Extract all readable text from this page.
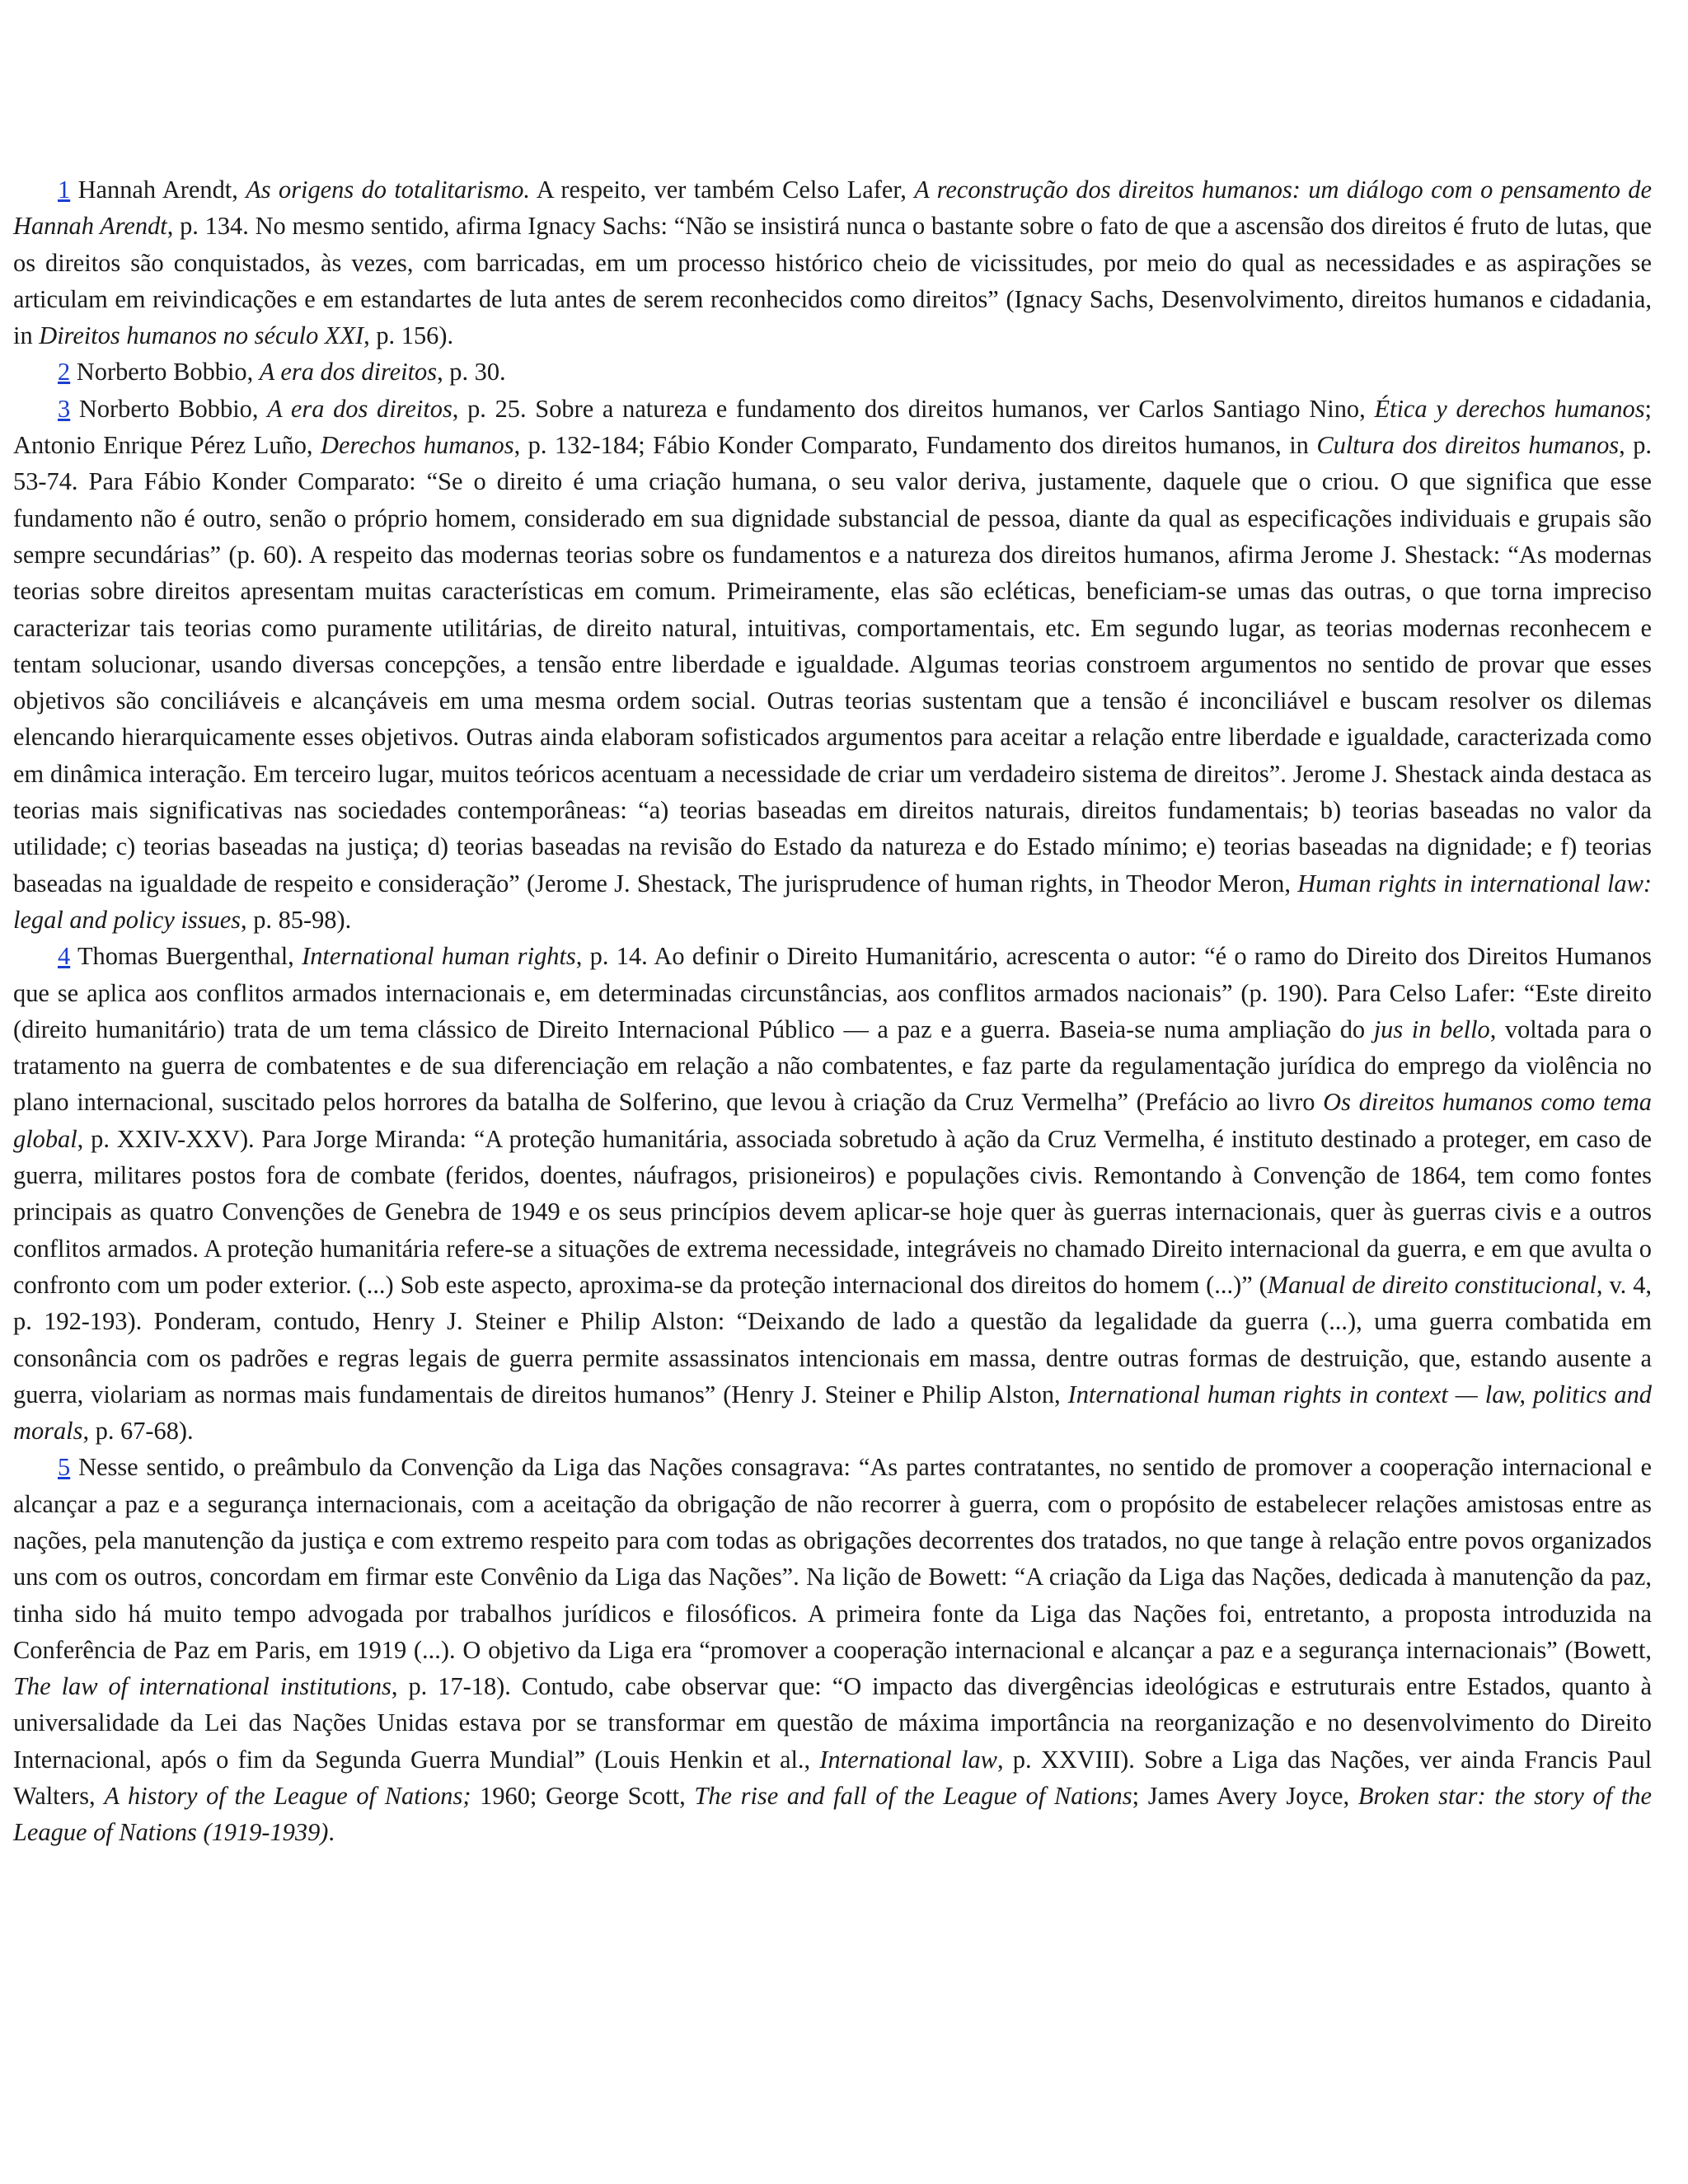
1 Hannah Arendt, As origens do totalitarismo. A respeito, ver também Celso Lafer, A reconstrução dos direitos humanos: um diálogo com o pensamento de Hannah Arendt, p. 134. No mesmo sentido, afirma Ignacy Sachs: “Não se insistirá nunca o bastante sobre o fato de que a ascensão dos direitos é fruto de lutas, que os direitos são conquistados, às vezes, com barricadas, em um processo histórico cheio de vicissitudes, por meio do qual as necessidades e as aspirações se articulam em reivindicações e em estandartes de luta antes de serem reconhecidos como direitos” (Ignacy Sachs, Desenvolvimento, direitos humanos e cidadania, in Direitos humanos no século XXI, p. 156).

2 Norberto Bobbio, A era dos direitos, p. 30.

3 Norberto Bobbio, A era dos direitos, p. 25. Sobre a natureza e fundamento dos direitos humanos, ver Carlos Santiago Nino, Ética y derechos humanos; Antonio Enrique Pérez Luño, Derechos humanos, p. 132-184; Fábio Konder Comparato, Fundamento dos direitos humanos, in Cultura dos direitos humanos, p. 53-74. Para Fábio Konder Comparato: “Se o direito é uma criação humana, o seu valor deriva, justamente, daquele que o criou. O que significa que esse fundamento não é outro, senão o próprio homem, considerado em sua dignidade substancial de pessoa, diante da qual as especificações individuais e grupais são sempre secundárias” (p. 60). A respeito das modernas teorias sobre os fundamentos e a natureza dos direitos humanos, afirma Jerome J. Shestack: “As modernas teorias sobre direitos apresentam muitas características em comum. Primeiramente, elas são ecléticas, beneficiam-se umas das outras, o que torna impreciso caracterizar tais teorias como puramente utilitárias, de direito natural, intuitivas, comportamentais, etc. Em segundo lugar, as teorias modernas reconhecem e tentam solucionar, usando diversas concepções, a tensão entre liberdade e igualdade. Algumas teorias constroem argumentos no sentido de provar que esses objetivos são conciliáveis e alcançáveis em uma mesma ordem social. Outras teorias sustentam que a tensão é inconciliável e buscam resolver os dilemas elencando hierarquicamente esses objetivos. Outras ainda elaboram sofisticados argumentos para aceitar a relação entre liberdade e igualdade, caracterizada como em dinâmica interação. Em terceiro lugar, muitos teóricos acentuam a necessidade de criar um verdadeiro sistema de direitos”. Jerome J. Shestack ainda destaca as teorias mais significativas nas sociedades contemporâneas: “a) teorias baseadas em direitos naturais, direitos fundamentais; b) teorias baseadas no valor da utilidade; c) teorias baseadas na justiça; d) teorias baseadas na revisão do Estado da natureza e do Estado mínimo; e) teorias baseadas na dignidade; e f) teorias baseadas na igualdade de respeito e consideração” (Jerome J. Shestack, The jurisprudence of human rights, in Theodor Meron, Human rights in international law: legal and policy issues, p. 85-98).

4 Thomas Buergenthal, International human rights, p. 14. Ao definir o Direito Humanitário, acrescenta o autor: “é o ramo do Direito dos Direitos Humanos que se aplica aos conflitos armados internacionais e, em determinadas circunstâncias, aos conflitos armados nacionais” (p. 190). Para Celso Lafer: “Este direito (direito humanitário) trata de um tema clássico de Direito Internacional Público — a paz e a guerra. Baseia-se numa ampliação do jus in bello, voltada para o tratamento na guerra de combatentes e de sua diferenciação em relação a não combatentes, e faz parte da regulamentação jurídica do emprego da violência no plano internacional, suscitado pelos horrores da batalha de Solferino, que levou à criação da Cruz Vermelha” (Prefácio ao livro Os direitos humanos como tema global, p. XXIV-XXV). Para Jorge Miranda: “A proteção humanitária, associada sobretudo à ação da Cruz Vermelha, é instituto destinado a proteger, em caso de guerra, militares postos fora de combate (feridos, doentes, náufragos, prisioneiros) e populações civis. Remontando à Convenção de 1864, tem como fontes principais as quatro Convenções de Genebra de 1949 e os seus princípios devem aplicar-se hoje quer às guerras internacionais, quer às guerras civis e a outros conflitos armados. A proteção humanitária refere-se a situações de extrema necessidade, integráveis no chamado Direito internacional da guerra, e em que avulta o confronto com um poder exterior. (...) Sob este aspecto, aproxima-se da proteção internacional dos direitos do homem (...)” (Manual de direito constitucional, v. 4, p. 192-193). Ponderam, contudo, Henry J. Steiner e Philip Alston: “Deixando de lado a questão da legalidade da guerra (...), uma guerra combatida em consonância com os padrões e regras legais de guerra permite assassinatos intencionais em massa, dentre outras formas de destruição, que, estando ausente a guerra, violariam as normas mais fundamentais de direitos humanos” (Henry J. Steiner e Philip Alston, International human rights in context — law, politics and morals, p. 67-68).

5 Nesse sentido, o preâmbulo da Convenção da Liga das Nações consagrava: “As partes contratantes, no sentido de promover a cooperação internacional e alcançar a paz e a segurança internacionais, com a aceitação da obrigação de não recorrer à guerra, com o propósito de estabelecer relações amistosas entre as nações, pela manutenção da justiça e com extremo respeito para com todas as obrigações decorrentes dos tratados, no que tange à relação entre povos organizados uns com os outros, concordam em firmar este Convênio da Liga das Nações”. Na lição de Bowett: “A criação da Liga das Nações, dedicada à manutenção da paz, tinha sido há muito tempo advogada por trabalhos jurídicos e filosóficos. A primeira fonte da Liga das Nações foi, entretanto, a proposta introduzida na Conferência de Paz em Paris, em 1919 (...). O objetivo da Liga era “promover a cooperação internacional e alcançar a paz e a segurança internacionais” (Bowett, The law of international institutions, p. 17-18). Contudo, cabe observar que: “O impacto das divergências ideológicas e estruturais entre Estados, quanto à universalidade da Lei das Nações Unidas estava por se transformar em questão de máxima importância na reorganização e no desenvolvimento do Direito Internacional, após o fim da Segunda Guerra Mundial” (Louis Henkin et al., International law, p. XXVIII). Sobre a Liga das Nações, ver ainda Francis Paul Walters, A history of the League of Nations; 1960; George Scott, The rise and fall of the League of Nations; James Avery Joyce, Broken star: the story of the League of Nations (1919-1939).
